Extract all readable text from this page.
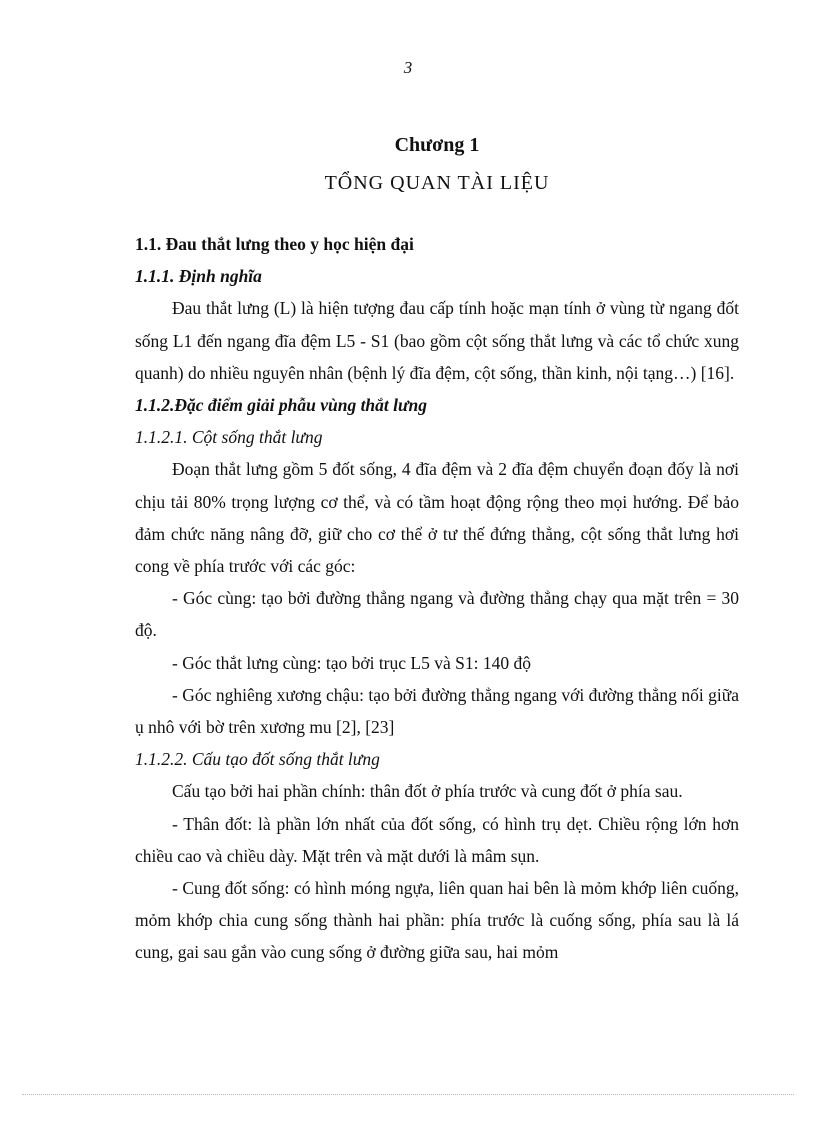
3
Chương 1
TỔNG QUAN TÀI LIỆU

1.1. Đau thắt lưng theo y học hiện đại

1.1.1. Định nghĩa

Đau thắt lưng (L) là hiện tượng đau cấp tính hoặc mạn tính ở vùng từ ngang đốt sống L1 đến ngang đĩa đệm L5 - S1 (bao gồm cột sống thắt lưng và các tổ chức xung quanh) do nhiều nguyên nhân (bệnh lý đĩa đệm, cột sống, thần kinh, nội tạng…) [16].

1.1.2.Đặc điểm giải phẫu vùng thắt lưng

1.1.2.1. Cột sống thắt lưng

Đoạn thắt lưng gồm 5 đốt sống, 4 đĩa đệm và 2 đĩa đệm chuyển đoạn đốy là nơi chịu tải 80% trọng lượng cơ thể, và có tầm hoạt động rộng theo mọi hướng. Để bảo đảm chức năng nâng đỡ, giữ cho cơ thể ở tư thế đứng thẳng, cột sống thắt lưng hơi cong về phía trước với các góc:

- Góc cùng: tạo bởi đường thẳng ngang và đường thẳng chạy qua mặt trên = 30 độ.

- Góc thắt lưng cùng: tạo bởi trục L5 và S1: 140 độ

- Góc nghiêng xương chậu: tạo bởi đường thẳng ngang với đường thẳng nối giữa ụ nhô với bờ trên xương mu [2], [23]

1.1.2.2. Cấu tạo đốt sống thắt lưng

Cấu tạo bởi hai phần chính: thân đốt ở phía trước và cung đốt ở phía sau.

- Thân đốt: là phần lớn nhất của đốt sống, có hình trụ dẹt. Chiều rộng lớn hơn chiều cao và chiều dày. Mặt trên và mặt dưới là mâm sụn.

- Cung đốt sống: có hình móng ngựa, liên quan hai bên là mỏm khớp liên cuống, mỏm khớp chia cung sống thành hai phần: phía trước là cuống sống, phía sau là lá cung, gai sau gắn vào cung sống ở đường giữa sau, hai mỏm
